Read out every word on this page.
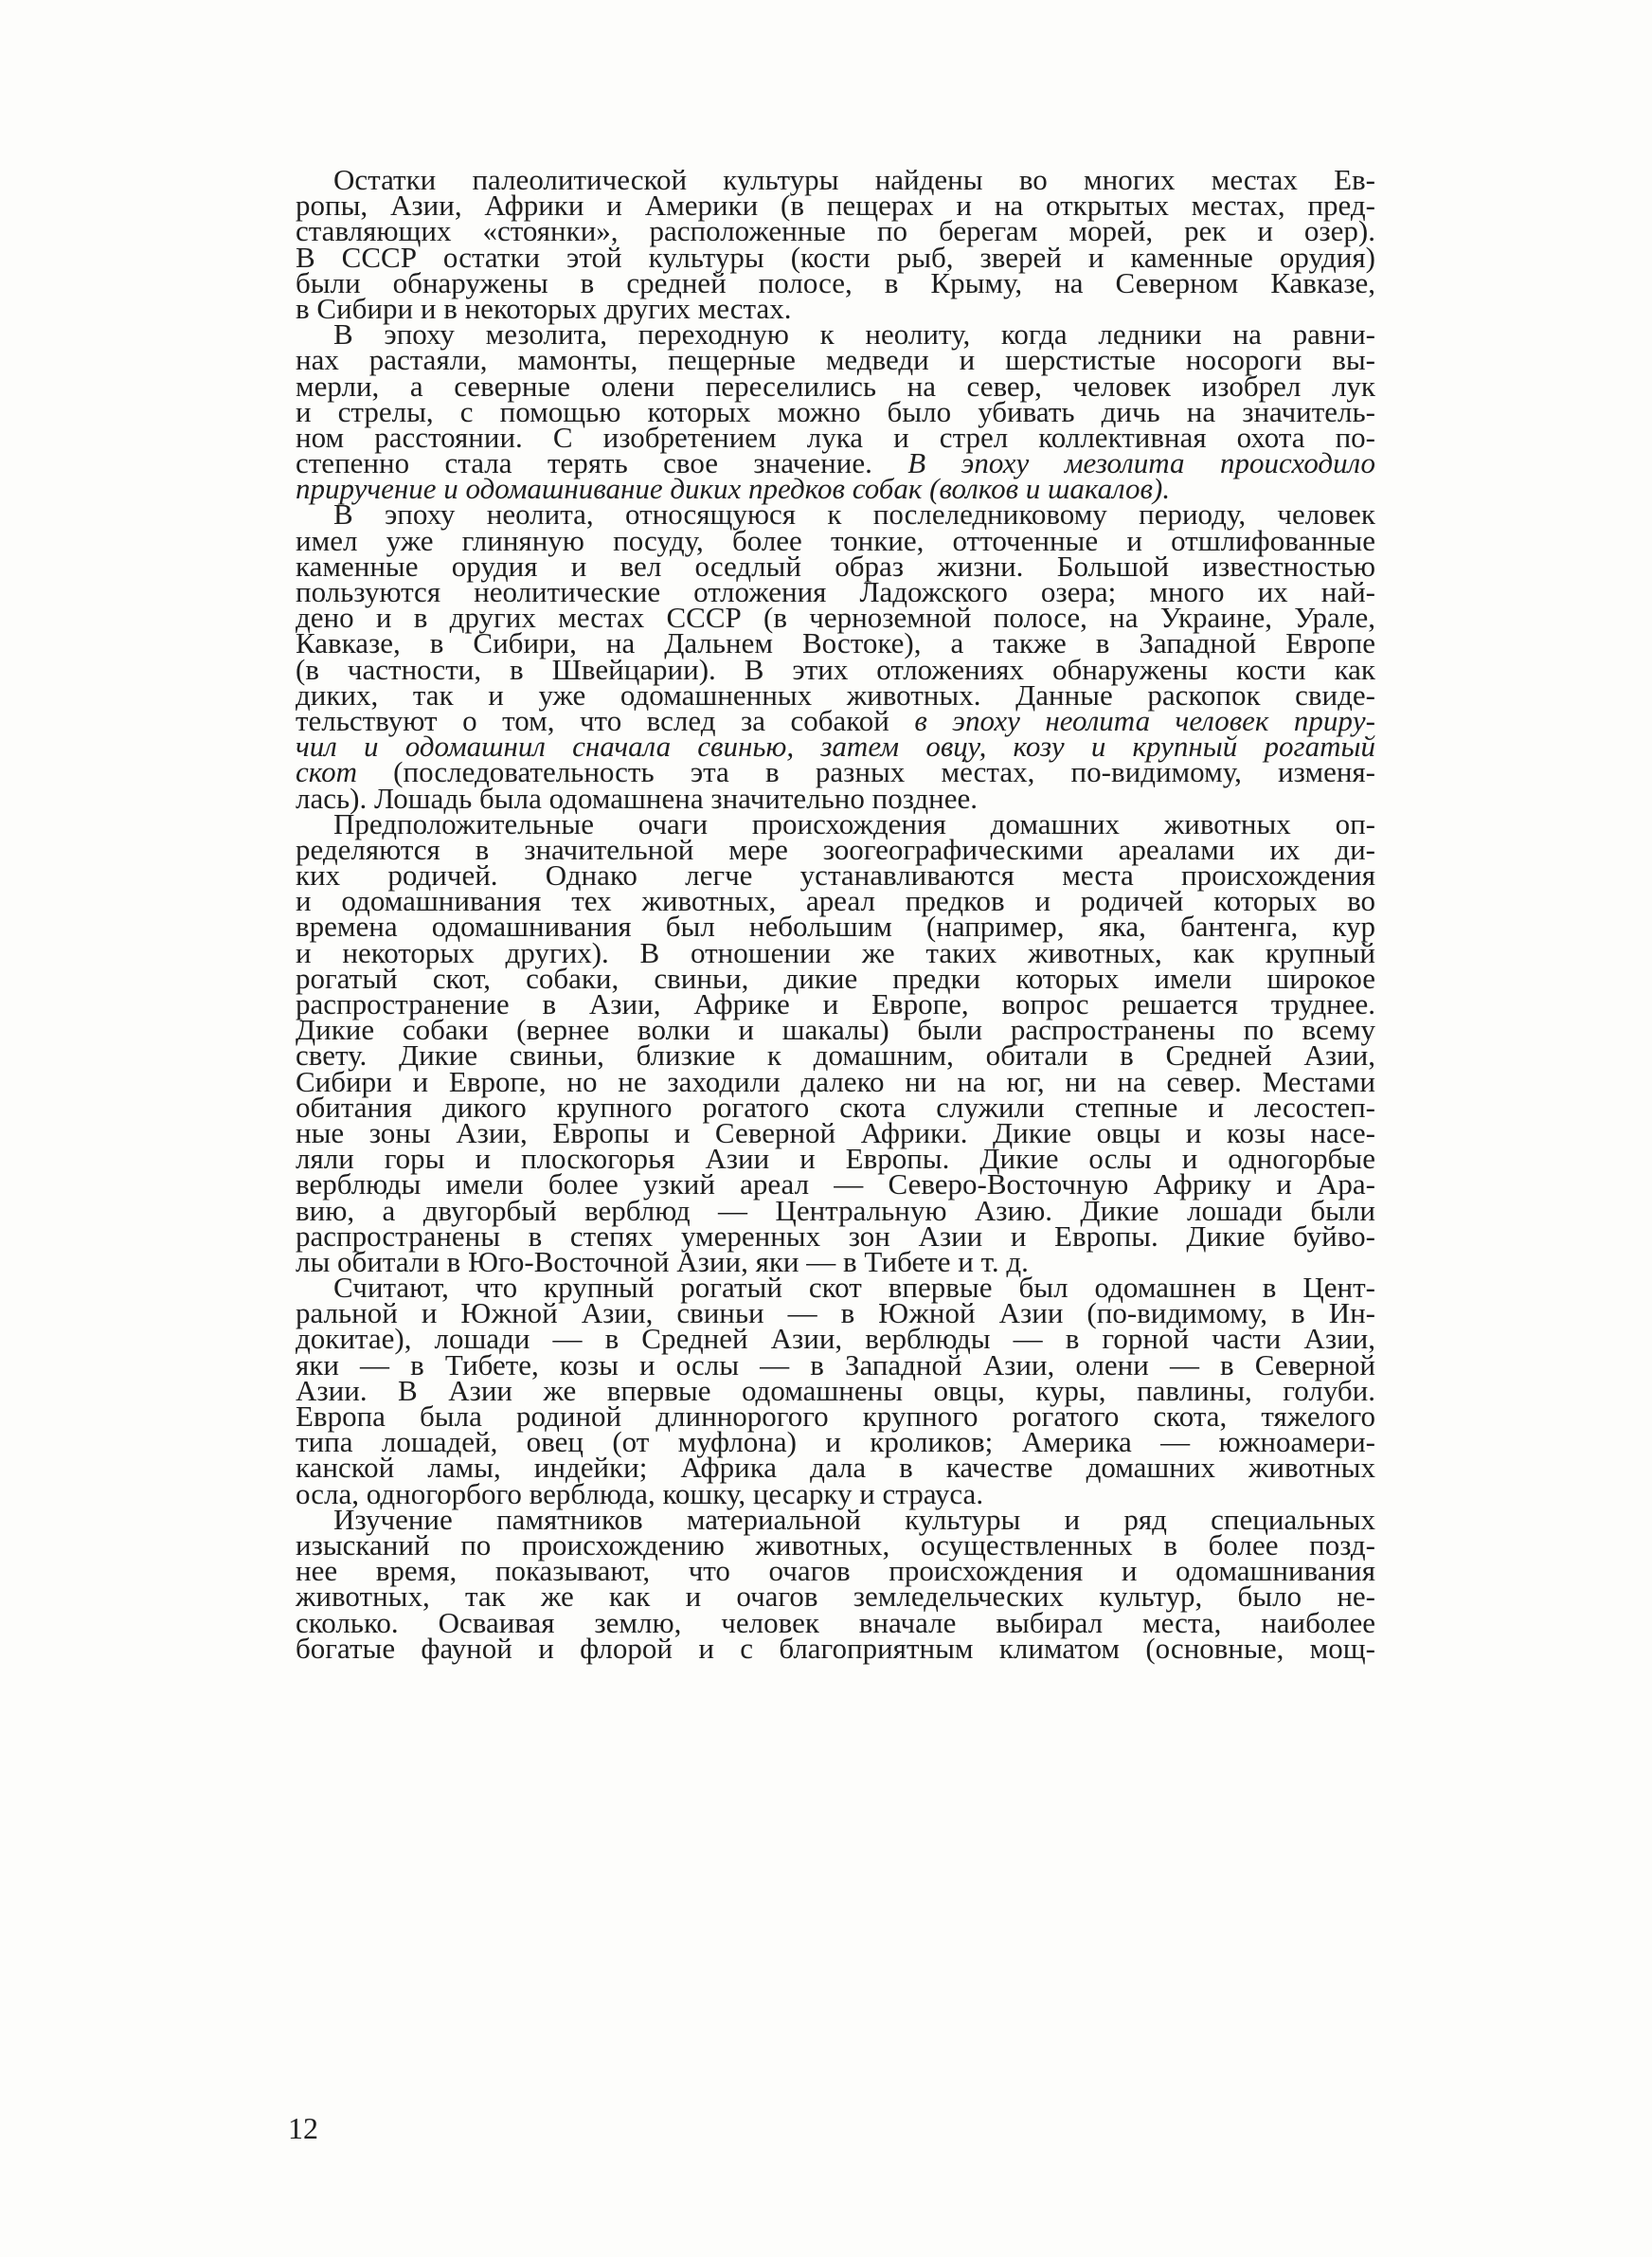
Остатки палеолитической культуры найдены во многих местах Ев-
ропы, Азии, Африки и Америки (в пещерах и на открытых местах, пред-
ставляющих «стоянки», расположенные по берегам морей, рек и озер).
В СССР остатки этой культуры (кости рыб, зверей и каменные орудия)
были обнаружены в средней полосе, в Крыму, на Северном Кавказе,
в Сибири и в некоторых других местах.
В эпоху мезолита, переходную к неолиту, когда ледники на равни-
нах растаяли, мамонты, пещерные медведи и шерстистые носороги вы-
мерли, а северные олени переселились на север, человек изобрел лук
и стрелы, с помощью которых можно было убивать дичь на значитель-
ном расстоянии. С изобретением лука и стрел коллективная охота по-
степенно стала терять свое значение. В эпоху мезолита происходило
приручение и одомашнивание диких предков собак (волков и шакалов).
В эпоху неолита, относящуюся к послеледниковому периоду, человек
имел уже глиняную посуду, более тонкие, отточенные и отшлифованные
каменные орудия и вел оседлый образ жизни. Большой известностью
пользуются неолитические отложения Ладожского озера; много их най-
дено и в других местах СССР (в черноземной полосе, на Украине, Урале,
Кавказе, в Сибири, на Дальнем Востоке), а также в Западной Европе
(в частности, в Швейцарии). В этих отложениях обнаружены кости как
диких, так и уже одомашненных животных. Данные раскопок свиде-
тельствуют о том, что вслед за собакой в эпоху неолита человек прирy-
чил и одомашнил сначала свинью, затем овцу, козу и крупный рогатый
скот (последовательность эта в разных местах, по-видимому, изменя-
лась). Лошадь была одомашнена значительно позднее.
Предположительные очаги происхождения домашних животных оп-
ределяются в значительной мере зоогеографическими ареалами их ди-
ких родичей. Однако легче устанавливаются места происхождения
и одомашнивания тех животных, ареал предков и родичей которых во
времена одомашнивания был небольшим (например, яка, бантенга, кур
и некоторых других). В отношении же таких животных, как крупный
рогатый скот, собаки, свиньи, дикие предки которых имели широкое
распространение в Азии, Африке и Европе, вопрос решается труднее.
Дикие собаки (вернее волки и шакалы) были распространены по всему
свету. Дикие свиньи, близкие к домашним, обитали в Средней Азии,
Сибири и Европе, но не заходили далеко ни на юг, ни на север. Местами
обитания дикого крупного рогатого скота служили степные и лесостеп-
ные зоны Азии, Европы и Северной Африки. Дикие овцы и козы насе-
ляли горы и плоскогорья Азии и Европы. Дикие ослы и одногорбые
верблюды имели более узкий ареал — Северо-Восточную Африку и Ара-
вию, а двугорбый верблюд — Центральную Азию. Дикие лошади были
распространены в степях умеренных зон Азии и Европы. Дикие буйво-
лы обитали в Юго-Восточной Азии, яки — в Тибете и т. д.
Считают, что крупный рогатый скот впервые был одомашнен в Цент-
ральной и Южной Азии, свиньи — в Южной Азии (по-видимому, в Ин-
докитае), лошади — в Средней Азии, верблюды — в горной части Азии,
яки — в Тибете, козы и ослы — в Западной Азии, олени — в Северной
Азии. В Азии же впервые одомашнены овцы, куры, павлины, голуби.
Европа была родиной длиннорогого крупного рогатого скота, тяжелого
типа лошадей, овец (от муфлона) и кроликов; Америка — южноамери-
канской ламы, индейки; Африка дала в качестве домашних животных
осла, одногорбого верблюда, кошку, цесарку и страуса.
Изучение памятников материальной культуры и ряд специальных
изысканий по происхождению животных, осуществленных в более позд-
нее время, показывают, что очагов происхождения и одомашнивания
животных, так же как и очагов земледельческих культур, было не-
сколько. Осваивая землю, человек вначале выбирал места, наиболее
богатые фауной и флорой и с благоприятным климатом (основные, мощ-
12
